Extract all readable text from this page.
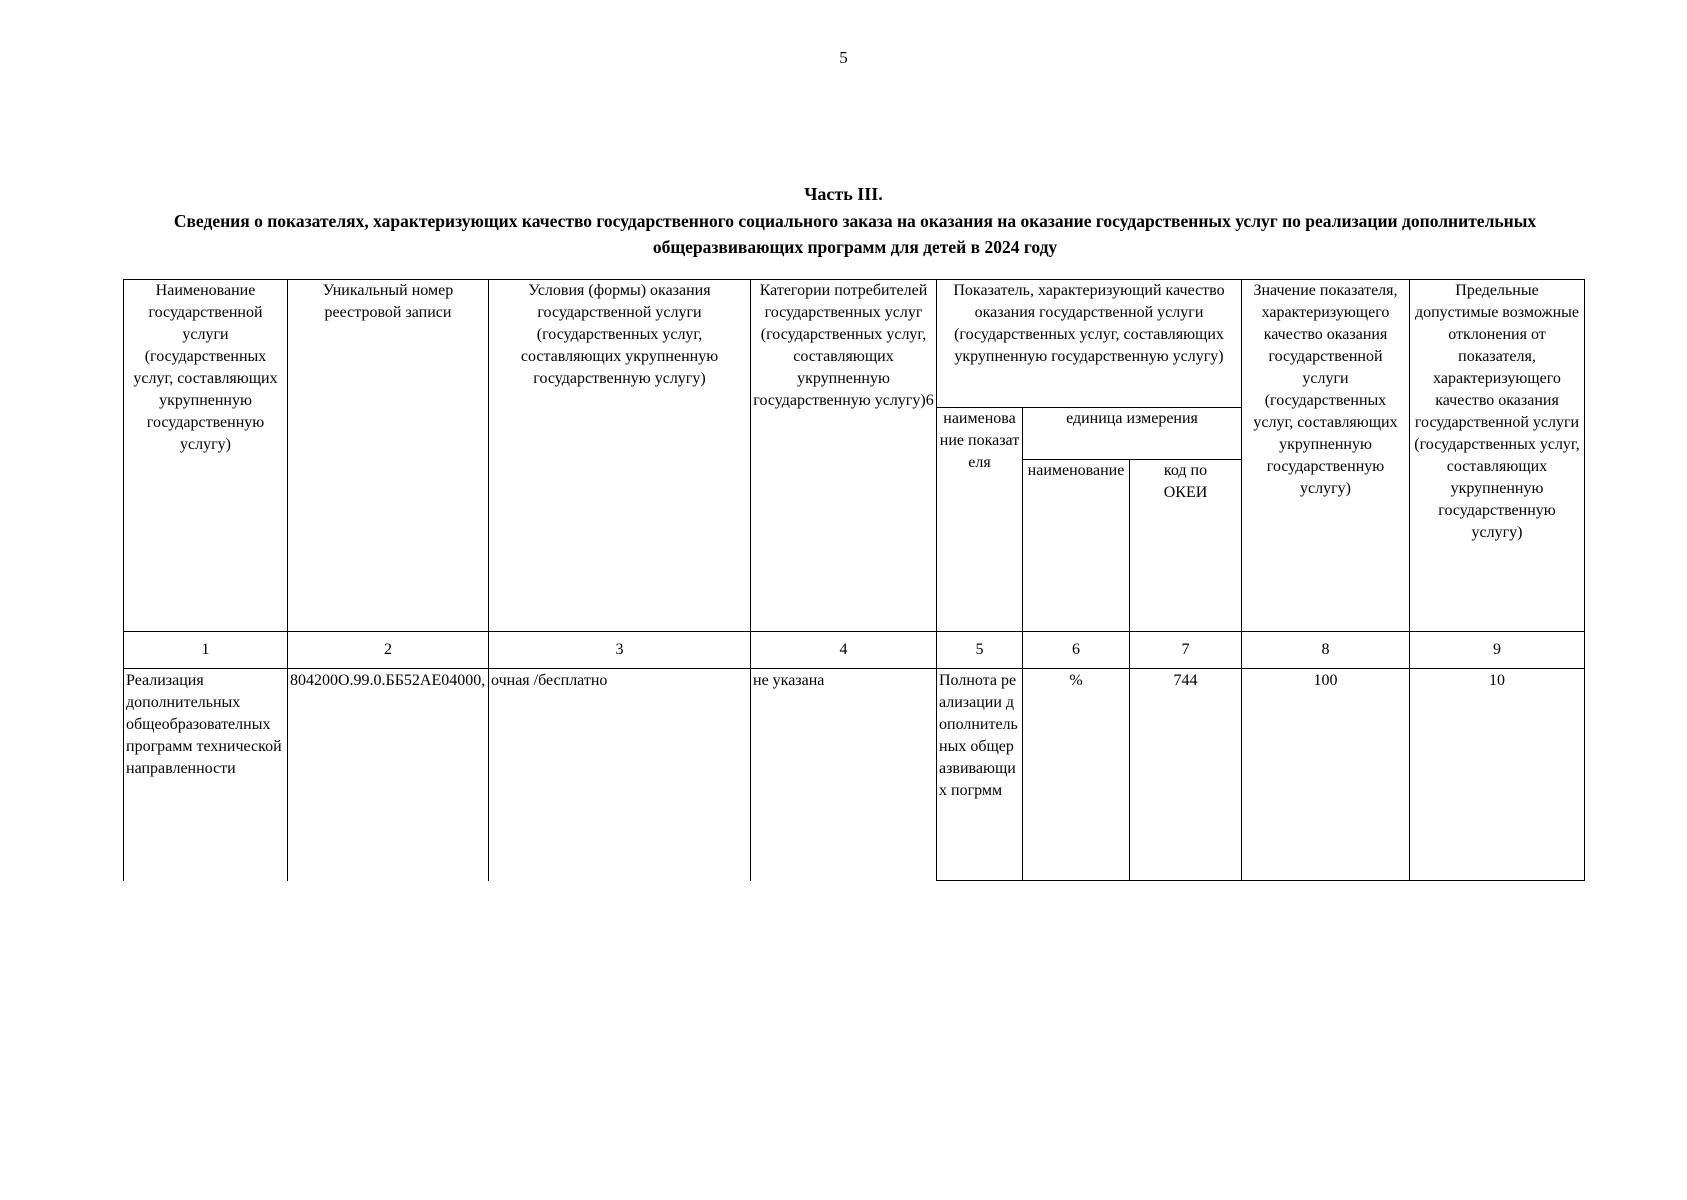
5
Часть III.
Сведения о показателях, характеризующих качество государственного социального заказа на оказания на оказание государственных услуг по реализации дополнительных общеразвивающих программ для детей в 2024 году
Наименование государственной услуги (государственных услуг, составляющих укрупненную государственную услугу)	Уникальный номер реестровой записи	Условия (формы) оказания государственной услуги (государственных услуг, составляющих укрупненную государственную услугу)	Категории потребителей государственных услуг (государственных услуг, составляющих укрупненную государственную услугу)6	Показатель, характеризующий качество оказания государственной услуги (государственных услуг, составляющих укрупненную государственную услугу)			Значение показателя, характеризующего качество оказания государственной услуги (государственных услуг, составляющих укрупненную государственную услугу)	Предельные допустимые возможные отклонения от показателя, характеризующего качество оказания государственной услуги (государственных услуг, составляющих укрупненную государственную услугу)
				наименование показателя	единица измерения			
					наименование	код по ОКЕИ		
1	2	3	4	5	6	7	8	9
Реализация дополнительных общеобразователных программ технической направленности	804200О.99.0.ББ52АЕ04000,	очная /бесплатно	не указана	Полнота реализации дополнительных общеразвивающих погрмм	%	744	100	10
